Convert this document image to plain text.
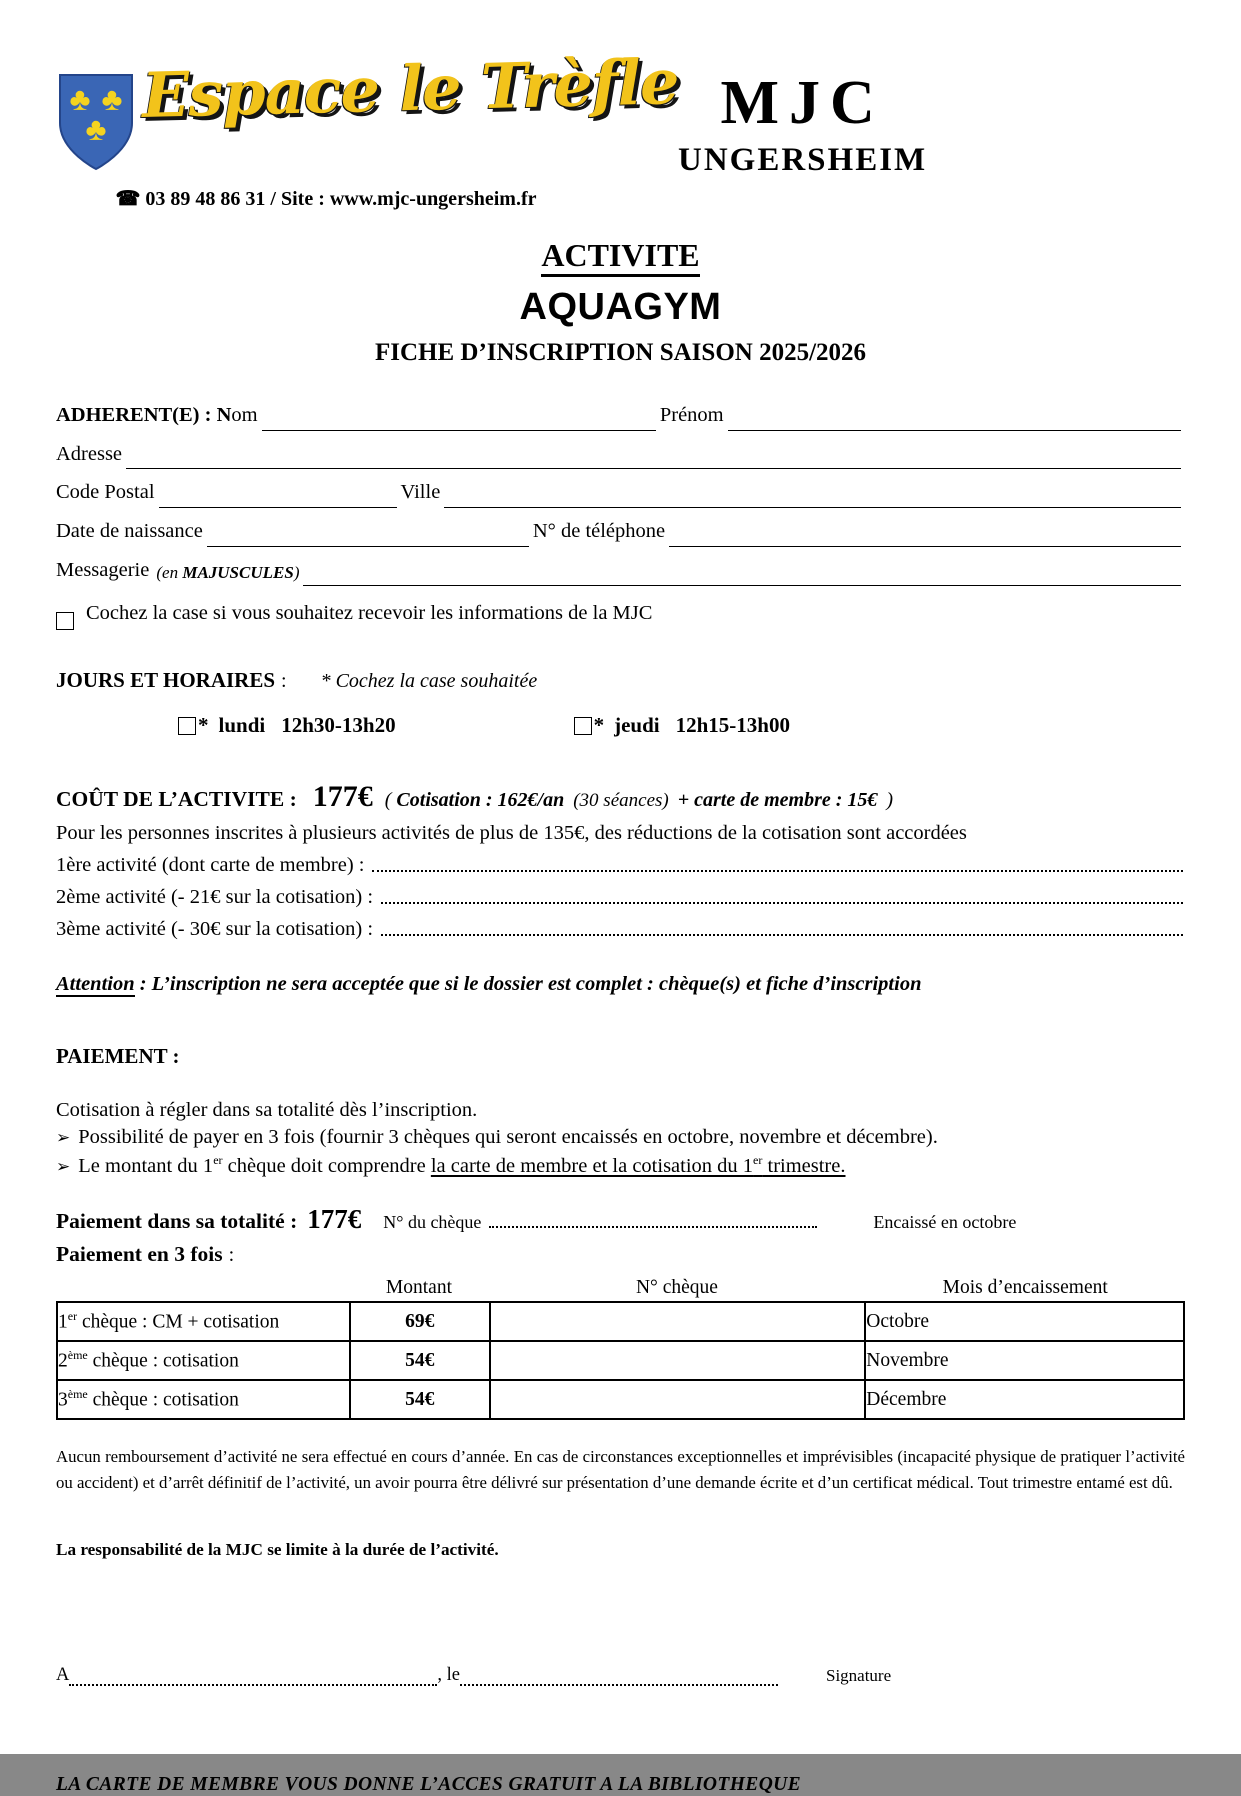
♣ ♣
♣ Espace le Trèfle
☎ 03 89 48 86 31 / Site : www.mjc-ungersheim.fr
MJC
UNGERSHEIM
ACTIVITE
AQUAGYM
FICHE D’INSCRIPTION SAISON 2025/2026
ADHERENT(E) : N om	Prénom
Adresse
Code Postal	Ville
Date de naissance	N° de téléphone
Messagerie (en MAJUSCULES)
Cochez la case si vous souhaitez recevoir les informations de la MJC
JOURS ET HORAIRES : * Cochez la case souhaitée
* lundi 12h30-13h20	* jeudi 12h15-13h00
COÛT DE L’ACTIVITE : 177€ ( Cotisation : 162€/an (30 séances) + carte de membre : 15€ )
Pour les personnes inscrites à plusieurs activités de plus de 135€, des réductions de la cotisation sont accordées
1ère activité (dont carte de membre) :
2ème activité (- 21€ sur la cotisation) :
3ème activité (- 30€ sur la cotisation) :
Attention : L’inscription ne sera acceptée que si le dossier est complet : chèque(s) et fiche d’inscription
PAIEMENT :
Cotisation à régler dans sa totalité dès l’inscription.
➢ Possibilité de payer en 3 fois (fournir 3 chèques qui seront encaissés en octobre, novembre et décembre).
➢ Le montant du 1er chèque doit comprendre la carte de membre et la cotisation du 1er trimestre.
Paiement dans sa totalité : 177€ N° du chèque	Encaissé en octobre
Paiement en 3 fois :
Montant	N° chèque	Mois d’encaissement
1er chèque : CM + cotisation	69€		Octobre
2ème chèque : cotisation	54€		Novembre
3ème chèque : cotisation	54€		Décembre
Aucun remboursement d’activité ne sera effectué en cours d’année. En cas de circonstances exceptionnelles et imprévisibles (incapacité physique de pratiquer l’activité ou accident) et d’arrêt définitif de l’activité, un avoir pourra être délivré sur présentation d’une demande écrite et d’un certificat médical. Tout trimestre entamé est dû.
La responsabilité de la MJC se limite à la durée de l’activité.
A	, le	Signature
LA CARTE DE MEMBRE VOUS DONNE L’ACCES GRATUIT A LA BIBLIOTHEQUE
